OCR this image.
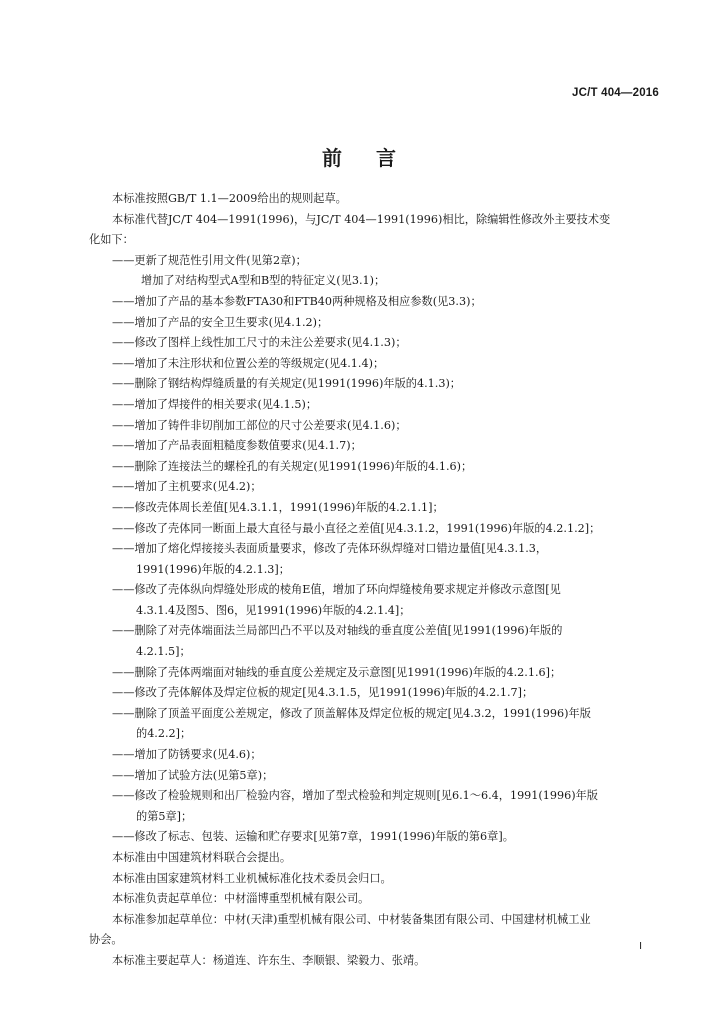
JC/T 404—2016
前言
本标准按照GB/T 1.1—2009给出的规则起草。
本标准代替JC/T 404—1991(1996)，与JC/T 404—1991(1996)相比，除编辑性修改外主要技术变
化如下：
——更新了规范性引用文件(见第2章)；
增加了对结构型式A型和B型的特征定义(见3.1)；
——增加了产品的基本参数FTA30和FTB40两种规格及相应参数(见3.3)；
——增加了产品的安全卫生要求(见4.1.2)；
——修改了图样上线性加工尺寸的未注公差要求(见4.1.3)；
——增加了未注形状和位置公差的等级规定(见4.1.4)；
——删除了钢结构焊缝质量的有关规定(见1991(1996)年版的4.1.3)；
——增加了焊接件的相关要求(见4.1.5)；
——增加了铸件非切削加工部位的尺寸公差要求(见4.1.6)；
——增加了产品表面粗糙度参数值要求(见4.1.7)；
——删除了连接法兰的螺栓孔的有关规定(见1991(1996)年版的4.1.6)；
——增加了主机要求(见4.2)；
——修改壳体周长差值[见4.3.1.1，1991(1996)年版的4.2.1.1]；
——修改了壳体同一断面上最大直径与最小直径之差值[见4.3.1.2，1991(1996)年版的4.2.1.2]；
——增加了熔化焊接接头表面质量要求，修改了壳体环纵焊缝对口错边量值[见4.3.1.3，
1991(1996)年版的4.2.1.3]；
——修改了壳体纵向焊缝处形成的棱角E值，增加了环向焊缝棱角要求规定并修改示意图[见
4.3.1.4及图5、图6，见1991(1996)年版的4.2.1.4]；
——删除了对壳体端面法兰局部凹凸不平以及对轴线的垂直度公差值[见1991(1996)年版的
4.2.1.5]；
——删除了壳体两端面对轴线的垂直度公差规定及示意图[见1991(1996)年版的4.2.1.6]；
——修改了壳体解体及焊定位板的规定[见4.3.1.5，见1991(1996)年版的4.2.1.7]；
——删除了顶盖平面度公差规定，修改了顶盖解体及焊定位板的规定[见4.3.2，1991(1996)年版
的4.2.2]；
——增加了防锈要求(见4.6)；
——增加了试验方法(见第5章)；
——修改了检验规则和出厂检验内容，增加了型式检验和判定规则[见6.1～6.4，1991(1996)年版
的第5章]；
——修改了标志、包装、运输和贮存要求[见第7章，1991(1996)年版的第6章]。
本标准由中国建筑材料联合会提出。
本标准由国家建筑材料工业机械标准化技术委员会归口。
本标准负责起草单位：中材淄博重型机械有限公司。
本标准参加起草单位：中材(天津)重型机械有限公司、中材装备集团有限公司、中国建材机械工业
协会。
本标准主要起草人：杨道连、许东生、李顺银、梁毅力、张靖。
I
